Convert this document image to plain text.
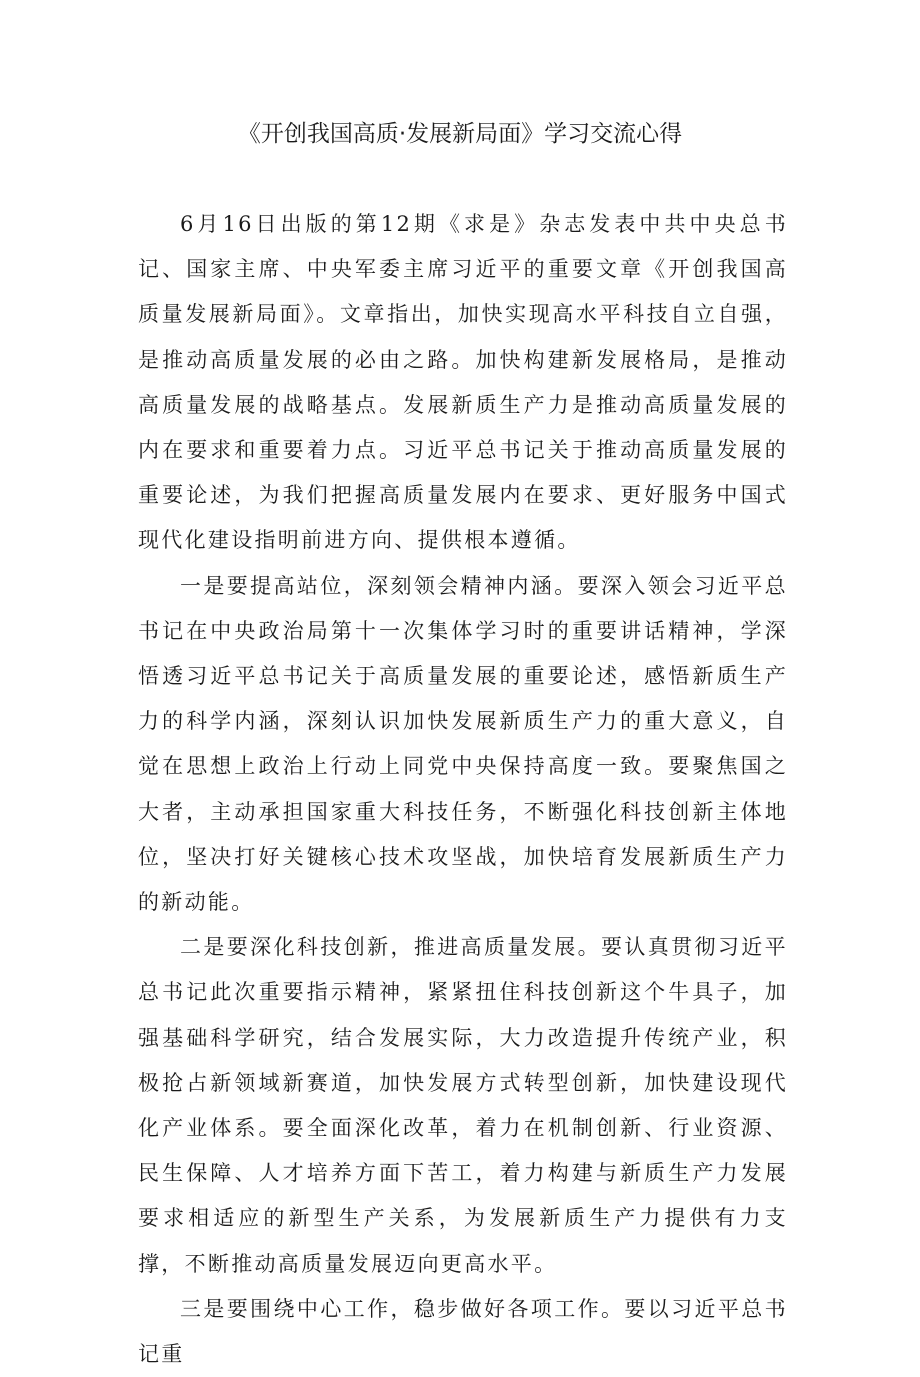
《开创我国高质·发展新局面》学习交流心得

6月16日出版的第12期《求是》杂志发表中共中央总书记、国家主席、中央军委主席习近平的重要文章《开创我国高质量发展新局面》。文章指出，加快实现高水平科技自立自强，是推动高质量发展的必由之路。加快构建新发展格局，是推动高质量发展的战略基点。发展新质生产力是推动高质量发展的内在要求和重要着力点。习近平总书记关于推动高质量发展的重要论述，为我们把握高质量发展内在要求、更好服务中国式现代化建设指明前进方向、提供根本遵循。

一是要提高站位，深刻领会精神内涵。要深入领会习近平总书记在中央政治局第十一次集体学习时的重要讲话精神，学深悟透习近平总书记关于高质量发展的重要论述，感悟新质生产力的科学内涵，深刻认识加快发展新质生产力的重大意义，自觉在思想上政治上行动上同党中央保持高度一致。要聚焦国之大者，主动承担国家重大科技任务，不断强化科技创新主体地位，坚决打好关键核心技术攻坚战，加快培育发展新质生产力的新动能。

二是要深化科技创新，推进高质量发展。要认真贯彻习近平总书记此次重要指示精神，紧紧扭住科技创新这个牛具子，加强基础科学研究，结合发展实际，大力改造提升传统产业，积极抢占新领域新赛道，加快发展方式转型创新，加快建设现代化产业体系。要全面深化改革，着力在机制创新、行业资源、民生保障、人才培养方面下苦工，着力构建与新质生产力发展要求相适应的新型生产关系，为发展新质生产力提供有力支撑，不断推动高质量发展迈向更高水平。

三是要围绕中心工作，稳步做好各项工作。要以习近平总书记重
